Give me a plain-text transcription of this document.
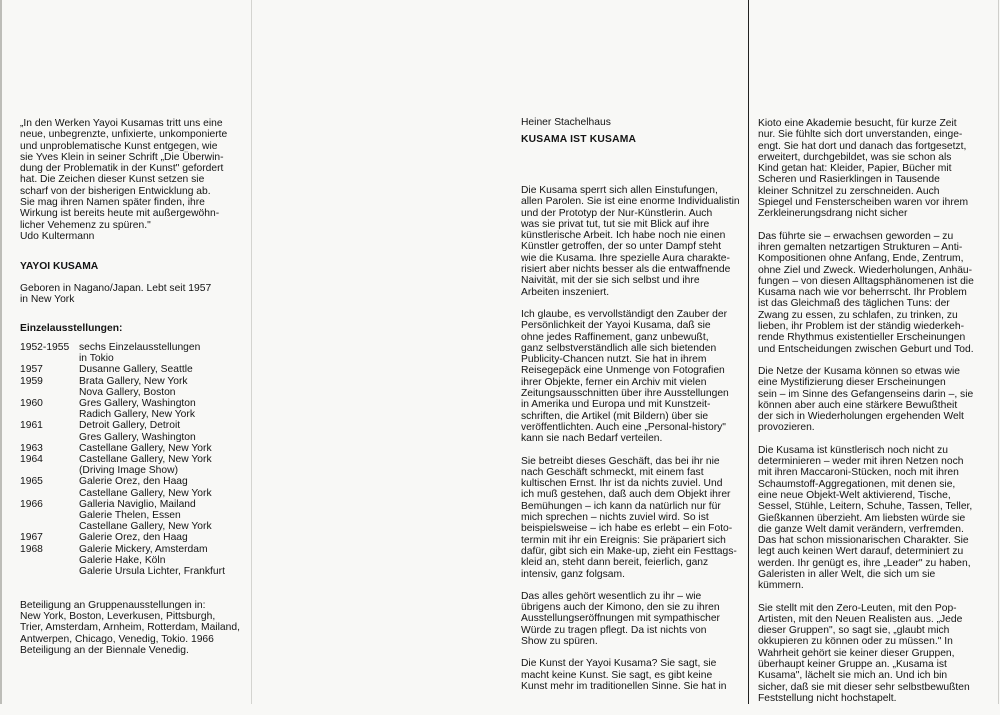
„In den Werken Yayoi Kusamas tritt uns eine
neue, unbegrenzte, unfixierte, unkomponierte
und unproblematische Kunst entgegen, wie
sie Yves Klein in seiner Schrift „Die Überwin-
dung der Problematik in der Kunst" gefordert
hat. Die Zeichen dieser Kunst setzen sie
scharf von der bisherigen Entwicklung ab.
Sie mag ihren Namen später finden, ihre
Wirkung ist bereits heute mit außergewöhn-
licher Vehemenz zu spüren."
Udo Kultermann
YAYOI KUSAMA
Geboren in Nagano/Japan. Lebt seit 1957
in New York
Einzelausstellungen:
1952-1955 sechs Einzelausstellungen
in Tokio
1957	Dusanne Gallery, Seattle
1959	Brata Gallery, New York
Nova Gallery, Boston
1960	Gres Gallery, Washington
Radich Gallery, New York
1961	Detroit Gallery, Detroit
Gres Gallery, Washington
1963	Castellane Gallery, New York
1964	Castellane Gallery, New York
(Driving Image Show)
1965	Galerie Orez, den Haag
Castellane Gallery, New York
1966	Galleria Naviglio, Mailand
Galerie Thelen, Essen
Castellane Gallery, New York
1967	Galerie Orez, den Haag
1968	Galerie Mickery, Amsterdam
Galerie Hake, Köln
Galerie Ursula Lichter, Frankfurt
Beteiligung an Gruppenausstellungen in:
New York, Boston, Leverkusen, Pittsburgh,
Trier, Amsterdam, Arnheim, Rotterdam, Mailand,
Antwerpen, Chicago, Venedig, Tokio. 1966
Beteiligung an der Biennale Venedig.
Heiner Stachelhaus
KUSAMA IST KUSAMA
Die Kusama sperrt sich allen Einstufungen,
allen Parolen. Sie ist eine enorme Individualistin
und der Prototyp der Nur-Künstlerin. Auch
was sie privat tut, tut sie mit Blick auf ihre
künstlerische Arbeit. Ich habe noch nie einen
Künstler getroffen, der so unter Dampf steht
wie die Kusama. Ihre spezielle Aura charakte-
risiert aber nichts besser als die entwaffnende
Naivität, mit der sie sich selbst und ihre
Arbeiten inszeniert.
Ich glaube, es vervollständigt den Zauber der
Persönlichkeit der Yayoi Kusama, daß sie
ohne jedes Raffinement, ganz unbewußt,
ganz selbstverständlich alle sich bietenden
Publicity-Chancen nutzt. Sie hat in ihrem
Reisegepäck eine Unmenge von Fotografien
ihrer Objekte, ferner ein Archiv mit vielen
Zeitungsausschnitten über ihre Ausstellungen
in Amerika und Europa und mit Kunstzeit-
schriften, die Artikel (mit Bildern) über sie
veröffentlichten. Auch eine „Personal-history"
kann sie nach Bedarf verteilen.
Sie betreibt dieses Geschäft, das bei ihr nie
nach Geschäft schmeckt, mit einem fast
kultischen Ernst. Ihr ist da nichts zuviel. Und
ich muß gestehen, daß auch dem Objekt ihrer
Bemühungen – ich kann da natürlich nur für
mich sprechen – nichts zuviel wird. So ist
beispielsweise – ich habe es erlebt – ein Foto-
termin mit ihr ein Ereignis: Sie präpariert sich
dafür, gibt sich ein Make-up, zieht ein Festtags-
kleid an, steht dann bereit, feierlich, ganz
intensiv, ganz folgsam.
Das alles gehört wesentlich zu ihr – wie
übrigens auch der Kimono, den sie zu ihren
Ausstellungseröffnungen mit sympathischer
Würde zu tragen pflegt. Da ist nichts von
Show zu spüren.
Die Kunst der Yayoi Kusama? Sie sagt, sie
macht keine Kunst. Sie sagt, es gibt keine
Kunst mehr im traditionellen Sinne. Sie hat in
Kioto eine Akademie besucht, für kurze Zeit
nur. Sie fühlte sich dort unverstanden, einge-
engt. Sie hat dort und danach das fortgesetzt,
erweitert, durchgebildet, was sie schon als
Kind getan hat: Kleider, Papier, Bücher mit
Scheren und Rasierklingen in Tausende
kleiner Schnitzel zu zerschneiden. Auch
Spiegel und Fensterscheiben waren vor ihrem
Zerkleinerungsdrang nicht sicher
Das führte sie – erwachsen geworden – zu
ihren gemalten netzartigen Strukturen – Anti-
Kompositionen ohne Anfang, Ende, Zentrum,
ohne Ziel und Zweck. Wiederholungen, Anhäu-
fungen – von diesen Alltagsphänomenen ist die
Kusama nach wie vor beherrscht. Ihr Problem
ist das Gleichmaß des täglichen Tuns: der
Zwang zu essen, zu schlafen, zu trinken, zu
lieben, ihr Problem ist der ständig wiederkeh-
rende Rhythmus existentieller Erscheinungen
und Entscheidungen zwischen Geburt und Tod.
Die Netze der Kusama können so etwas wie
eine Mystifizierung dieser Erscheinungen
sein – im Sinne des Gefangenseins darin –, sie
können aber auch eine stärkere Bewußtheit
der sich in Wiederholungen ergehenden Welt
provozieren.
Die Kusama ist künstlerisch noch nicht zu
determinieren – weder mit ihren Netzen noch
mit ihren Maccaroni-Stücken, noch mit ihren
Schaumstoff-Aggregationen, mit denen sie,
eine neue Objekt-Welt aktivierend, Tische,
Sessel, Stühle, Leitern, Schuhe, Tassen, Teller,
Gießkannen überzieht. Am liebsten würde sie
die ganze Welt damit verändern, verfremden.
Das hat schon missionarischen Charakter. Sie
legt auch keinen Wert darauf, determiniert zu
werden. Ihr genügt es, ihre „Leader" zu haben,
Galeristen in aller Welt, die sich um sie
kümmern.
Sie stellt mit den Zero-Leuten, mit den Pop-
Artisten, mit den Neuen Realisten aus. „Jede
dieser Gruppen", so sagt sie, „glaubt mich
okkupieren zu können oder zu müssen." In
Wahrheit gehört sie keiner dieser Gruppen,
überhaupt keiner Gruppe an. „Kusama ist
Kusama", lächelt sie mich an. Und ich bin
sicher, daß sie mit dieser sehr selbstbewußten
Feststellung nicht hochstapelt.
